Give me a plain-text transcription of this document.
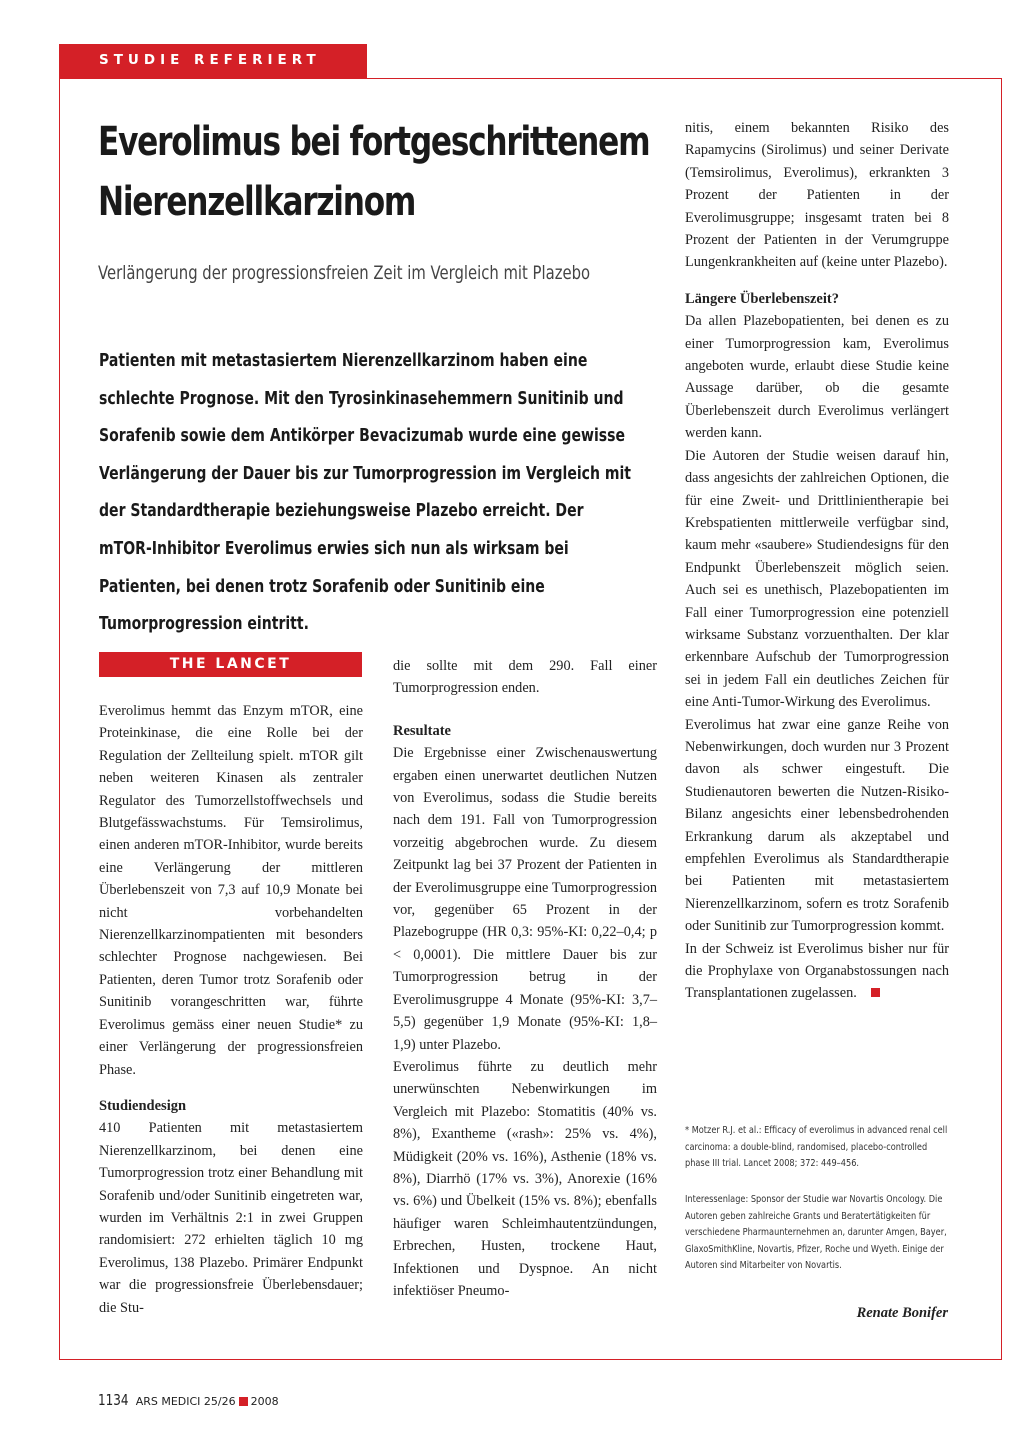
STUDIE REFERIERT
Everolimus bei fortgeschrittenem
Nierenzellkarzinom
Verlängerung der progressionsfreien Zeit im Vergleich mit Plazebo

Patienten mit metastasiertem Nierenzellkarzinom haben eine schlechte Prognose. Mit den Tyrosinkinasehemmern Sunitinib und Sorafenib sowie dem Antikörper Bevacizumab wurde eine gewisse Verlängerung der Dauer bis zur Tumorprogression im Vergleich mit der Standardtherapie beziehungsweise Plazebo erreicht. Der mTOR-Inhibitor Everolimus erwies sich nun als wirksam bei Patienten, bei denen trotz Sorafenib oder Sunitinib eine Tumorprogression eintritt.

THE LANCET

Everolimus hemmt das Enzym mTOR, eine Proteinkinase, die eine Rolle bei der Regulation der Zellteilung spielt. mTOR gilt neben weiteren Kinasen als zentraler Regulator des Tumorzellstoffwechsels und Blutgefässwachstums. Für Temsirolimus, einen anderen mTOR-Inhibitor, wurde bereits eine Verlängerung der mittleren Überlebenszeit von 7,3 auf 10,9 Monate bei nicht vorbehandelten Nierenzellkarzinompatienten mit besonders schlechter Prognose nachgewiesen. Bei Patienten, deren Tumor trotz Sorafenib oder Sunitinib vorangeschritten war, führte Everolimus gemäss einer neuen Studie* zu einer Verlängerung der progressionsfreien Phase.

Studiendesign

410 Patienten mit metastasiertem Nierenzellkarzinom, bei denen eine Tumorprogression trotz einer Behandlung mit Sorafenib und/oder Sunitinib eingetreten war, wurden im Verhältnis 2:1 in zwei Gruppen randomisiert: 272 erhielten täglich 10 mg Everolimus, 138 Plazebo. Primärer Endpunkt war die progressionsfreie Überlebensdauer; die Stu-

die sollte mit dem 290. Fall einer Tumorprogression enden.

Resultate

Die Ergebnisse einer Zwischenauswertung ergaben einen unerwartet deutlichen Nutzen von Everolimus, sodass die Studie bereits nach dem 191. Fall von Tumorprogression vorzeitig abgebrochen wurde. Zu diesem Zeitpunkt lag bei 37 Prozent der Patienten in der Everolimusgruppe eine Tumorprogression vor, gegenüber 65 Prozent in der Plazebogruppe (HR 0,3: 95%-KI: 0,22–0,4; p < 0,0001). Die mittlere Dauer bis zur Tumorprogression betrug in der Everolimusgruppe 4 Monate (95%-KI: 3,7–5,5) gegenüber 1,9 Monate (95%-KI: 1,8–1,9) unter Plazebo.

Everolimus führte zu deutlich mehr unerwünschten Nebenwirkungen im Vergleich mit Plazebo: Stomatitis (40% vs. 8%), Exantheme («rash»: 25% vs. 4%), Müdigkeit (20% vs. 16%), Asthenie (18% vs. 8%), Diarrhö (17% vs. 3%), Anorexie (16% vs. 6%) und Übelkeit (15% vs. 8%); ebenfalls häufiger waren Schleimhautentzündungen, Erbrechen, Husten, trockene Haut, Infektionen und Dyspnoe. An nicht infektiöser Pneumo-

nitis, einem bekannten Risiko des Rapamycins (Sirolimus) und seiner Derivate (Temsirolimus, Everolimus), erkrankten 3 Prozent der Patienten in der Everolimusgruppe; insgesamt traten bei 8 Prozent der Patienten in der Verumgruppe Lungenkrankheiten auf (keine unter Plazebo).

Längere Überlebenszeit?

Da allen Plazebopatienten, bei denen es zu einer Tumorprogression kam, Everolimus angeboten wurde, erlaubt diese Studie keine Aussage darüber, ob die gesamte Überlebenszeit durch Everolimus verlängert werden kann.

Die Autoren der Studie weisen darauf hin, dass angesichts der zahlreichen Optionen, die für eine Zweit- und Drittlinientherapie bei Krebspatienten mittlerweile verfügbar sind, kaum mehr «saubere» Studiendesigns für den Endpunkt Überlebenszeit möglich seien. Auch sei es unethisch, Plazebopatienten im Fall einer Tumorprogression eine potenziell wirksame Substanz vorzuenthalten. Der klar erkennbare Aufschub der Tumorprogression sei in jedem Fall ein deutliches Zeichen für eine Anti-Tumor-Wirkung des Everolimus.

Everolimus hat zwar eine ganze Reihe von Nebenwirkungen, doch wurden nur 3 Prozent davon als schwer eingestuft. Die Studienautoren bewerten die Nutzen-Risiko-Bilanz angesichts einer lebensbedrohenden Erkrankung darum als akzeptabel und empfehlen Everolimus als Standardtherapie bei Patienten mit metastasiertem Nierenzellkarzinom, sofern es trotz Sorafenib oder Sunitinib zur Tumorprogression kommt.

In der Schweiz ist Everolimus bisher nur für die Prophylaxe von Organabstossungen nach Transplantationen zugelassen.

* Motzer R.J. et al.: Efficacy of everolimus in advanced renal cell carcinoma: a double-blind, randomised, placebo-controlled phase III trial. Lancet 2008; 372: 449–456.
Interessenlage: Sponsor der Studie war Novartis Oncology. Die Autoren geben zahlreiche Grants und Beratertätigkeiten für verschiedene Pharmaunternehmen an, darunter Amgen, Bayer, GlaxoSmithKline, Novartis, Pfizer, Roche und Wyeth. Einige der Autoren sind Mitarbeiter von Novartis.
Renate Bonifer
1134 ARS MEDICI 25/26 2008
